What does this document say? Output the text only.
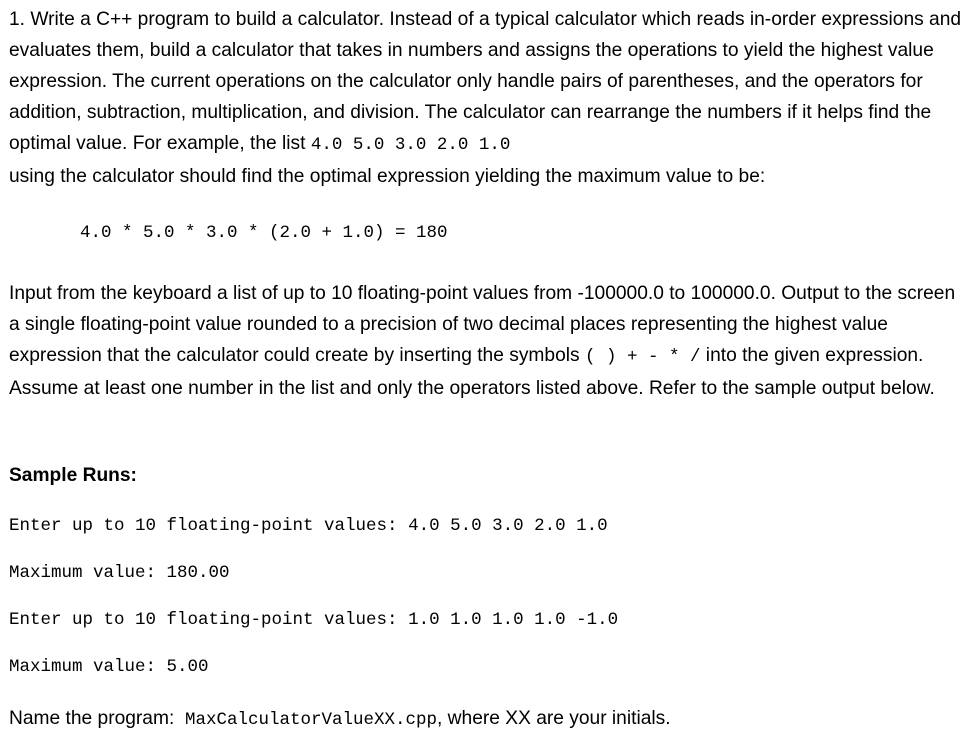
1. Write a C++ program to build a calculator. Instead of a typical calculator which reads in-order expressions and evaluates them, build a calculator that takes in numbers and assigns the operations to yield the highest value expression. The current operations on the calculator only handle pairs of parentheses, and the operators for addition, subtraction, multiplication, and division. The calculator can rearrange the numbers if it helps find the optimal value. For example, the list 4.0 5.0 3.0 2.0 1.0
using the calculator should find the optimal expression yielding the maximum value to be:

4.0 * 5.0 * 3.0 * (2.0 + 1.0) = 180

Input from the keyboard a list of up to 10 floating-point values from -100000.0 to 100000.0. Output to the screen a single floating-point value rounded to a precision of two decimal places representing the highest value expression that the calculator could create by inserting the symbols ( ) + - * / into the given expression. Assume at least one number in the list and only the operators listed above. Refer to the sample output below.

Sample Runs:
Enter up to 10 floating-point values: 4.0 5.0 3.0 2.0 1.0
Maximum value: 180.00
Enter up to 10 floating-point values: 1.0 1.0 1.0 1.0 -1.0
Maximum value: 5.00

Name the program:  MaxCalculatorValueXX.cpp, where XX are your initials.
